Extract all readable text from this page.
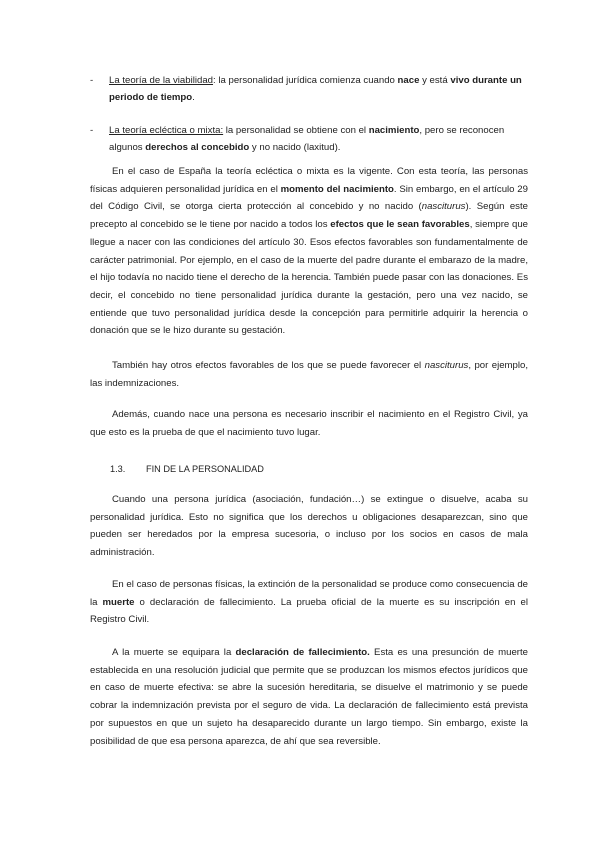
- La teoría de la viabilidad: la personalidad jurídica comienza cuando nace y está vivo durante un periodo de tiempo.
- La teoría ecléctica o mixta: la personalidad se obtiene con el nacimiento, pero se reconocen algunos derechos al concebido y no nacido (laxitud).

En el caso de España la teoría ecléctica o mixta es la vigente. Con esta teoría, las personas físicas adquieren personalidad jurídica en el momento del nacimiento. Sin embargo, en el artículo 29 del Código Civil, se otorga cierta protección al concebido y no nacido (nasciturus). Según este precepto al concebido se le tiene por nacido a todos los efectos que le sean favorables, siempre que llegue a nacer con las condiciones del artículo 30. Esos efectos favorables son fundamentalmente de carácter patrimonial. Por ejemplo, en el caso de la muerte del padre durante el embarazo de la madre, el hijo todavía no nacido tiene el derecho de la herencia. También puede pasar con las donaciones. Es decir, el concebido no tiene personalidad jurídica durante la gestación, pero una vez nacido, se entiende que tuvo personalidad jurídica desde la concepción para permitirle adquirir la herencia o donación que se le hizo durante su gestación.

También hay otros efectos favorables de los que se puede favorecer el nasciturus, por ejemplo, las indemnizaciones.

Además, cuando nace una persona es necesario inscribir el nacimiento en el Registro Civil, ya que esto es la prueba de que el nacimiento tuvo lugar.

1.3. FIN DE LA PERSONALIDAD

Cuando una persona jurídica (asociación, fundación…) se extingue o disuelve, acaba su personalidad jurídica. Esto no significa que los derechos u obligaciones desaparezcan, sino que pueden ser heredados por la empresa sucesoria, o incluso por los socios en casos de mala administración.

En el caso de personas físicas, la extinción de la personalidad se produce como consecuencia de la muerte o declaración de fallecimiento. La prueba oficial de la muerte es su inscripción en el Registro Civil.

A la muerte se equipara la declaración de fallecimiento. Esta es una presunción de muerte establecida en una resolución judicial que permite que se produzcan los mismos efectos jurídicos que en caso de muerte efectiva: se abre la sucesión hereditaria, se disuelve el matrimonio y se puede cobrar la indemnización prevista por el seguro de vida. La declaración de fallecimiento está prevista por supuestos en que un sujeto ha desaparecido durante un largo tiempo. Sin embargo, existe la posibilidad de que esa persona aparezca, de ahí que sea reversible.
